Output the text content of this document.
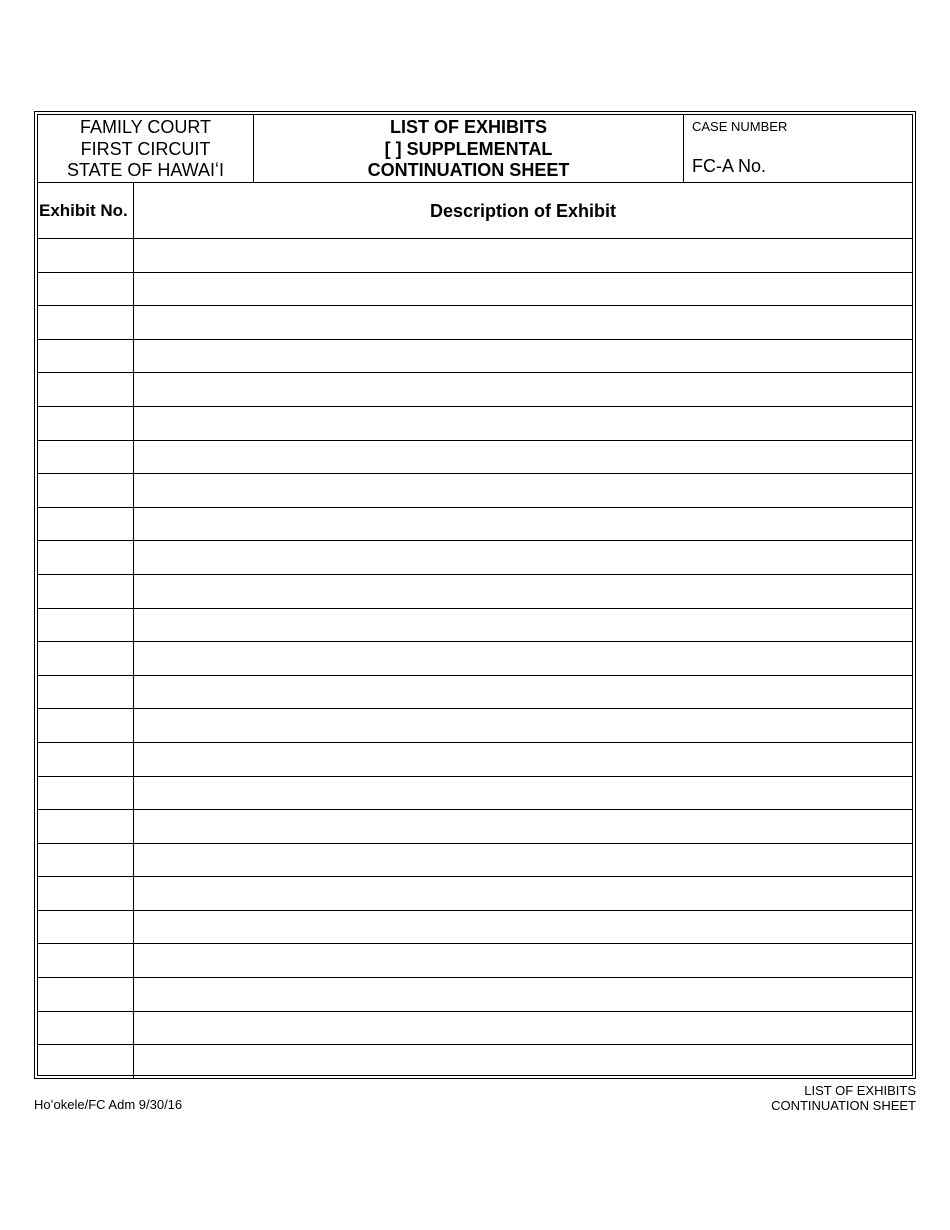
FAMILY COURT
FIRST CIRCUIT
STATE OF HAWAIʻI
LIST OF EXHIBITS
[ ] SUPPLEMENTAL
CONTINUATION SHEET
CASE NUMBER
FC-A No.
Exhibit No.	Description of Exhibit
Hoʻokele/FC Adm 9/30/16
LIST OF EXHIBITS
CONTINUATION SHEET
